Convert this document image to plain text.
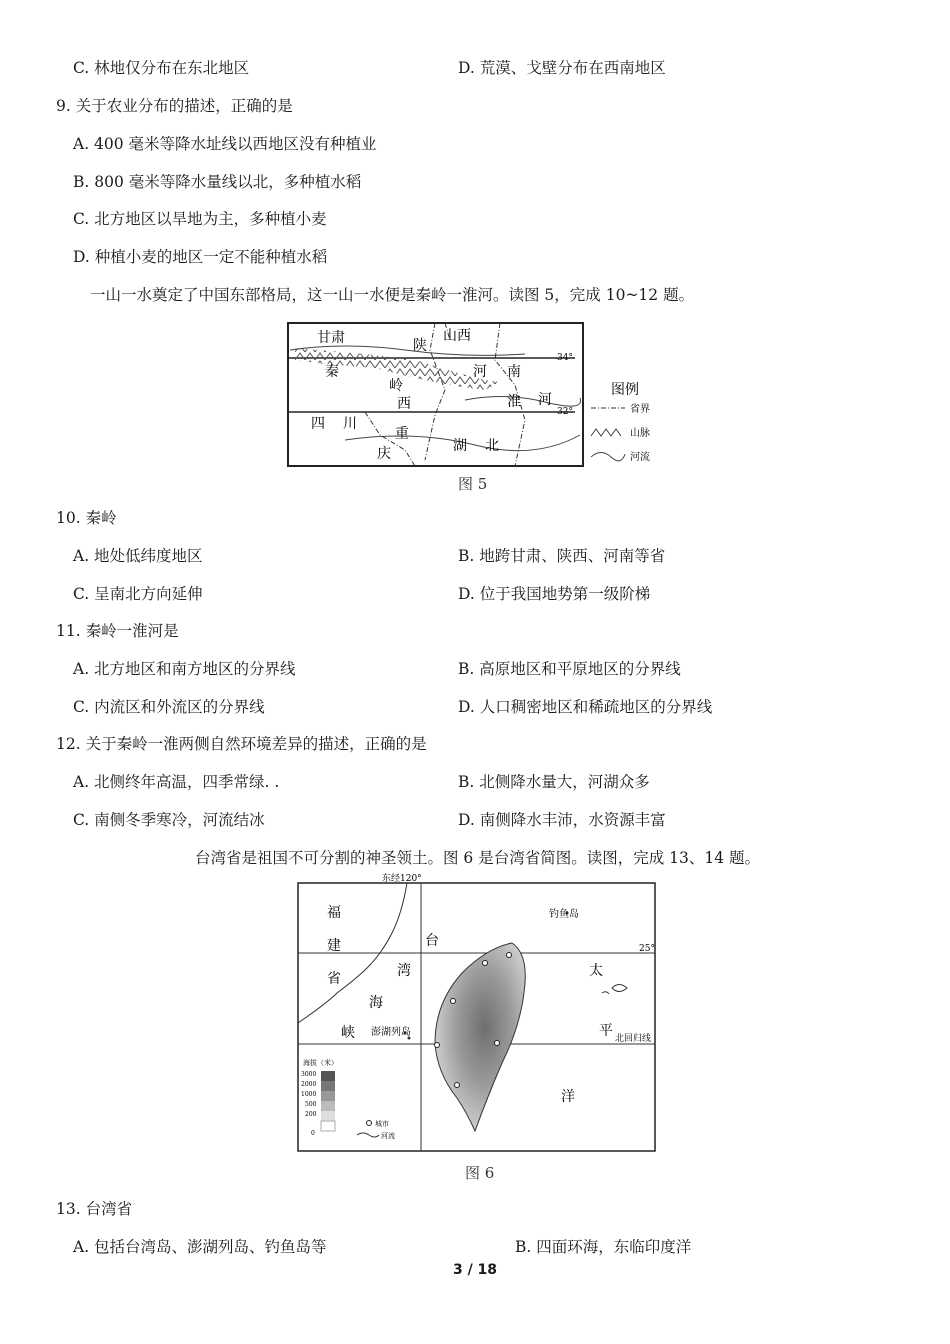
C. 林地仅分布在东北地区	D. 荒漠、戈壁分布在西南地区
9. 关于农业分布的描述，正确的是
A. 400 毫米等降水址线以西地区没有种植业
B. 800 毫米等降水量线以北，多种植水稻
C. 北方地区以旱地为主，多种植小麦
D. 种植小麦的地区一定不能种植水稻
一山一水奠定了中国东部格局，这一山一水便是秦岭一淮河。读图 5，完成 10~12 题。
34°
32°
甘肃	陕
山西
秦
岭
西
河 南
淮 河
四 川
重
庆	湖 北
图例
省界
山脉
河流
图 5
10. 秦岭
A. 地处低纬度地区	B. 地跨甘肃、陕西、河南等省
C. 呈南北方向延伸	D. 位于我国地势第一级阶梯
11. 秦岭一淮河是
A. 北方地区和南方地区的分界线	B. 高原地区和平原地区的分界线
C. 内流区和外流区的分界线	D. 人口稠密地区和稀疏地区的分界线
12. 关于秦岭一淮两侧自然环境差异的描述，正确的是
A. 北侧终年高温，四季常绿. .	B. 北侧降水量大，河湖众多
C. 南侧冬季寒冷，河流结冰	D. 南侧降水丰沛，水资源丰富
台湾省是祖国不可分割的神圣领土。图 6 是台湾省简图。读图，完成 13、14 题。
东经120°
25°
北回归线
钓鱼岛
福
建
省
台
湾
海
峡 澎湖列岛
太
平
洋
海拔（米）
3000
2000
1000
500
200
0
城市
河流
图 6
13. 台湾省
A. 包括台湾岛、澎湖列岛、钓鱼岛等	B. 四面环海，东临印度洋
3 / 18
